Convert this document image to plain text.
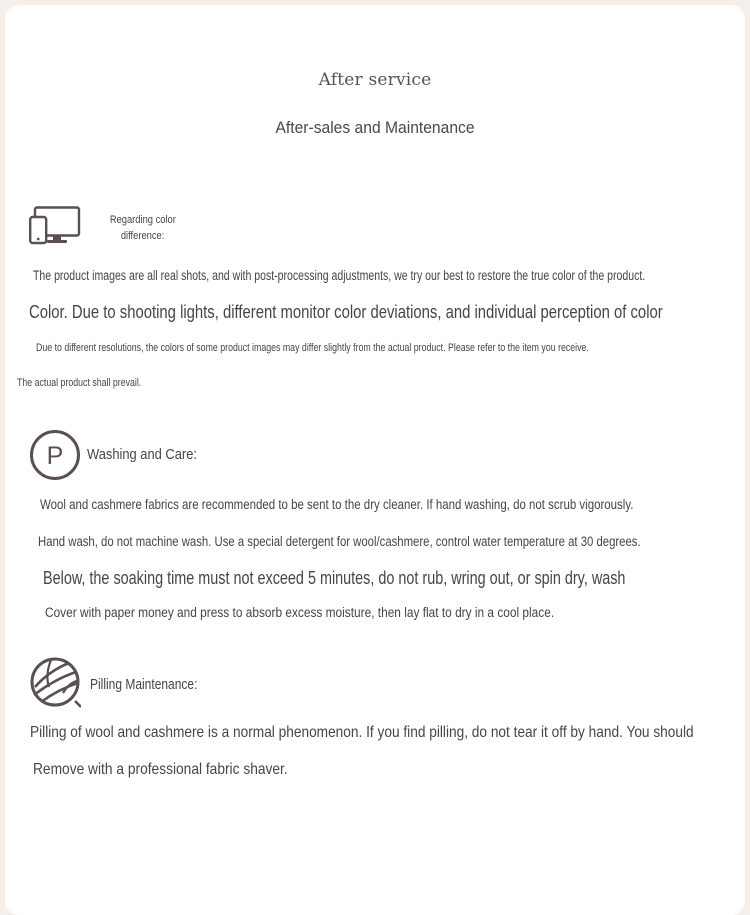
After service
After-sales and Maintenance
Regarding color
difference:
The product images are all real shots, and with post-processing adjustments, we try our best to restore the true color of the product.
Color. Due to shooting lights, different monitor color deviations, and individual perception of color
Due to different resolutions, the colors of some product images may differ slightly from the actual product. Please refer to the item you receive.
The actual product shall prevail.
P Washing and Care:
Wool and cashmere fabrics are recommended to be sent to the dry cleaner. If hand washing, do not scrub vigorously.
Hand wash, do not machine wash. Use a special detergent for wool/cashmere, control water temperature at 30 degrees.
Below, the soaking time must not exceed 5 minutes, do not rub, wring out, or spin dry, wash
Cover with paper money and press to absorb excess moisture, then lay flat to dry in a cool place.
Pilling Maintenance:
Pilling of wool and cashmere is a normal phenomenon. If you find pilling, do not tear it off by hand. You should
Remove with a professional fabric shaver.
